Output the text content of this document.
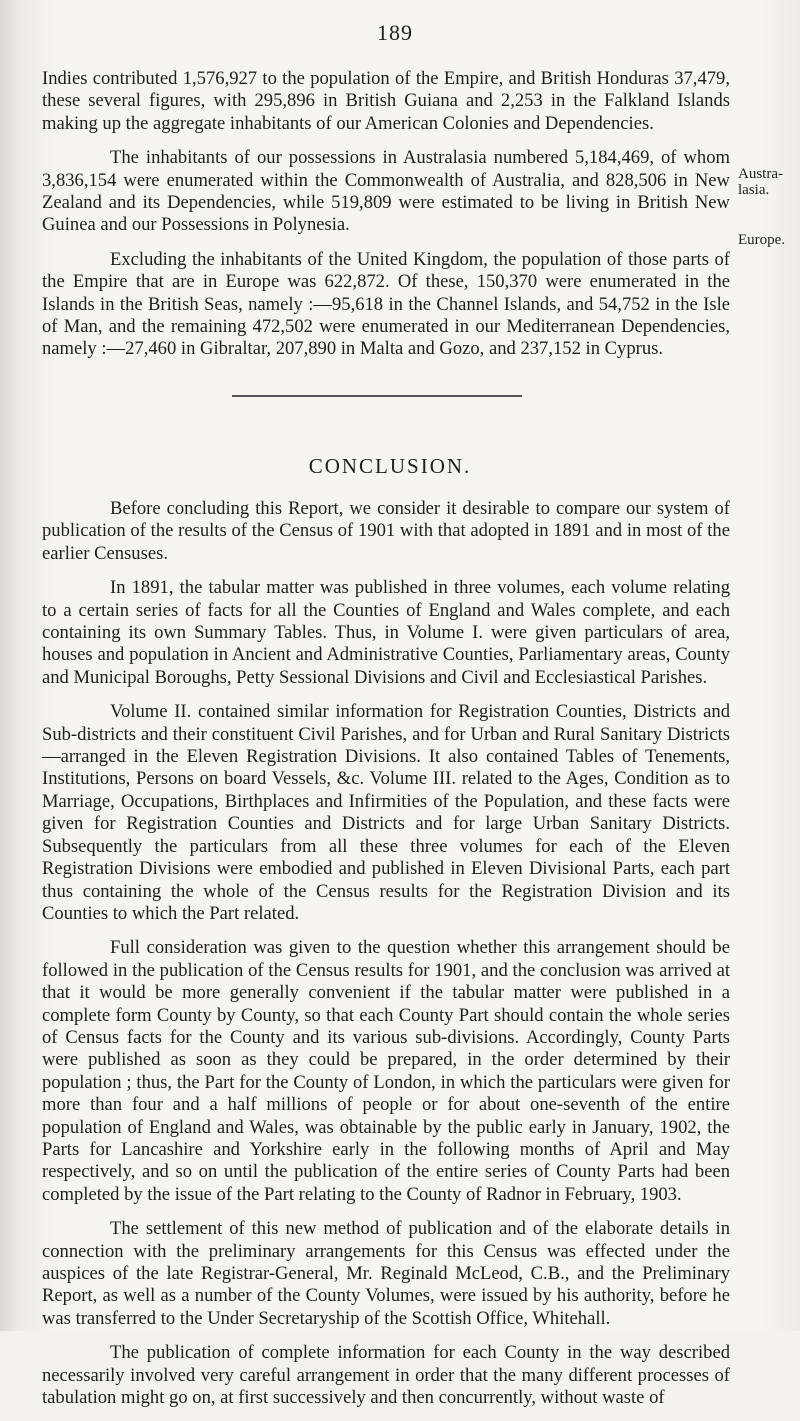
189

Indies contributed 1,576,927 to the population of the Empire, and British Honduras 37,479, these several figures, with 295,896 in British Guiana and 2,253 in the Falkland Islands making up the aggregate inhabitants of our American Colonies and Dependencies.

The inhabitants of our possessions in Australasia numbered 5,184,469, of whom 3,836,154 were enumerated within the Commonwealth of Australia, and 828,506 in New Zealand and its Dependencies, while 519,809 were estimated to be living in British New Guinea and our Possessions in Polynesia.

Excluding the inhabitants of the United Kingdom, the population of those parts of the Empire that are in Europe was 622,872. Of these, 150,370 were enumerated in the Islands in the British Seas, namely :—95,618 in the Channel Islands, and 54,752 in the Isle of Man, and the remaining 472,502 were enumerated in our Mediterranean Dependencies, namely :—27,460 in Gibraltar, 207,890 in Malta and Gozo, and 237,152 in Cyprus.

Austra- lasia.
Europe.
CONCLUSION.

Before concluding this Report, we consider it desirable to compare our system of publication of the results of the Census of 1901 with that adopted in 1891 and in most of the earlier Censuses.

In 1891, the tabular matter was published in three volumes, each volume relating to a certain series of facts for all the Counties of England and Wales complete, and each containing its own Summary Tables. Thus, in Volume I. were given particulars of area, houses and population in Ancient and Administrative Counties, Parliamentary areas, County and Municipal Boroughs, Petty Sessional Divisions and Civil and Ecclesiastical Parishes.

Volume II. contained similar information for Registration Counties, Districts and Sub-districts and their constituent Civil Parishes, and for Urban and Rural Sanitary Districts—arranged in the Eleven Registration Divisions. It also contained Tables of Tenements, Institutions, Persons on board Vessels, &c. Volume III. related to the Ages, Condition as to Marriage, Occupations, Birthplaces and Infirmities of the Population, and these facts were given for Registration Counties and Districts and for large Urban Sanitary Districts. Subsequently the particulars from all these three volumes for each of the Eleven Registration Divisions were embodied and published in Eleven Divisional Parts, each part thus containing the whole of the Census results for the Registration Division and its Counties to which the Part related.

Full consideration was given to the question whether this arrangement should be followed in the publication of the Census results for 1901, and the conclusion was arrived at that it would be more generally convenient if the tabular matter were published in a complete form County by County, so that each County Part should contain the whole series of Census facts for the County and its various sub-divisions. Accordingly, County Parts were published as soon as they could be prepared, in the order determined by their population ; thus, the Part for the County of London, in which the particulars were given for more than four and a half millions of people or for about one-seventh of the entire population of England and Wales, was obtainable by the public early in January, 1902, the Parts for Lancashire and Yorkshire early in the following months of April and May respectively, and so on until the publication of the entire series of County Parts had been completed by the issue of the Part relating to the County of Radnor in February, 1903.

The settlement of this new method of publication and of the elaborate details in connection with the preliminary arrangements for this Census was effected under the auspices of the late Registrar-General, Mr. Reginald McLeod, C.B., and the Preliminary Report, as well as a number of the County Volumes, were issued by his authority, before he was transferred to the Under Secretaryship of the Scottish Office, Whitehall.

The publication of complete information for each County in the way described necessarily involved very careful arrangement in order that the many different processes of tabulation might go on, at first successively and then concurrently, without waste of
